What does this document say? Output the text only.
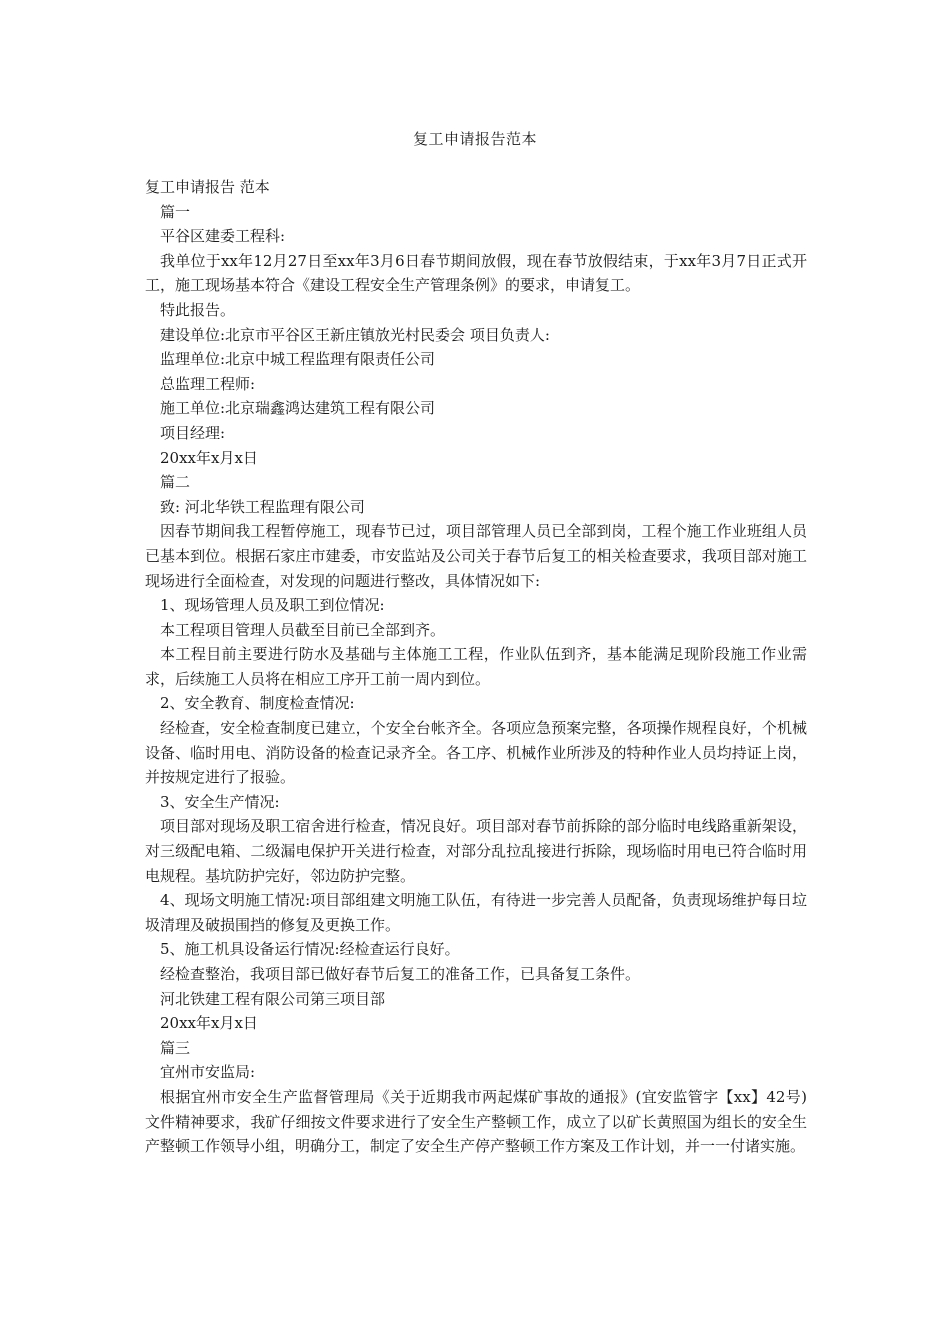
复工申请报告范本

复工申请报告 范本

篇一

平谷区建委工程科:

我单位于xx年12月27日至xx年3月6日春节期间放假，现在春节放假结束，于xx年3月7日正式开工，施工现场基本符合《建设工程安全生产管理条例》的要求，申请复工。

特此报告。

建设单位:北京市平谷区王新庄镇放光村民委会 项目负责人:

监理单位:北京中城工程监理有限责任公司

总监理工程师:

施工单位:北京瑞鑫鸿达建筑工程有限公司

项目经理:

20xx年x月x日

篇二

致: 河北华铁工程监理有限公司

因春节期间我工程暂停施工，现春节已过，项目部管理人员已全部到岗，工程个施工作业班组人员已基本到位。根据石家庄市建委，市安监站及公司关于春节后复工的相关检查要求，我项目部对施工现场进行全面检查，对发现的问题进行整改，具体情况如下:

1、现场管理人员及职工到位情况:

本工程项目管理人员截至目前已全部到齐。

本工程目前主要进行防水及基础与主体施工工程，作业队伍到齐，基本能满足现阶段施工作业需求，后续施工人员将在相应工序开工前一周内到位。

2、安全教育、制度检查情况:

经检查，安全检查制度已建立，个安全台帐齐全。各项应急预案完整，各项操作规程良好，个机械设备、临时用电、消防设备的检查记录齐全。各工序、机械作业所涉及的特种作业人员均持证上岗，并按规定进行了报验。

3、安全生产情况:

项目部对现场及职工宿舍进行检查，情况良好。项目部对春节前拆除的部分临时电线路重新架设，对三级配电箱、二级漏电保护开关进行检查，对部分乱拉乱接进行拆除，现场临时用电已符合临时用电规程。基坑防护完好，邻边防护完整。

4、现场文明施工情况:项目部组建文明施工队伍，有待进一步完善人员配备，负责现场维护每日垃圾清理及破损围挡的修复及更换工作。

5、施工机具设备运行情况:经检查运行良好。

经检查整治，我项目部已做好春节后复工的准备工作，已具备复工条件。

河北铁建工程有限公司第三项目部

20xx年x月x日

篇三

宜州市安监局:

根据宜州市安全生产监督管理局《关于近期我市两起煤矿事故的通报》(宜安监管字【xx】42号)文件精神要求，我矿仔细按文件要求进行了安全生产整顿工作，成立了以矿长黄照国为组长的安全生产整顿工作领导小组，明确分工，制定了安全生产停产整顿工作方案及工作计划，并一一付诸实施。
